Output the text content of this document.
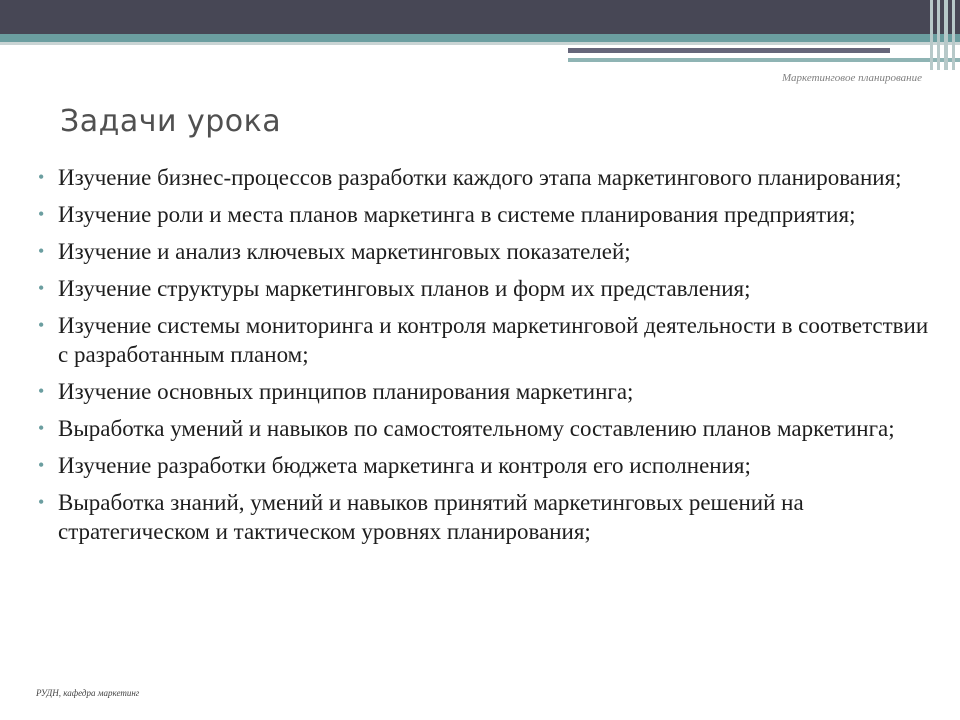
Маркетинговое планирование
Задачи урока
• Изучение бизнес-процессов разработки каждого этапа маркетингового планирования;
• Изучение роли и места планов маркетинга в системе планирования предприятия;
• Изучение и анализ ключевых маркетинговых показателей;
• Изучение структуры маркетинговых планов и форм их представления;
• Изучение системы мониторинга и контроля маркетинговой деятельности в соответствии с разработанным планом;
• Изучение основных принципов планирования маркетинга;
• Выработка умений и навыков по самостоятельному составлению планов маркетинга;
• Изучение разработки бюджета маркетинга и контроля его исполнения;
• Выработка знаний, умений и навыков принятий маркетинговых решений на стратегическом и тактическом уровнях планирования;
РУДН, кафедра маркетинг
